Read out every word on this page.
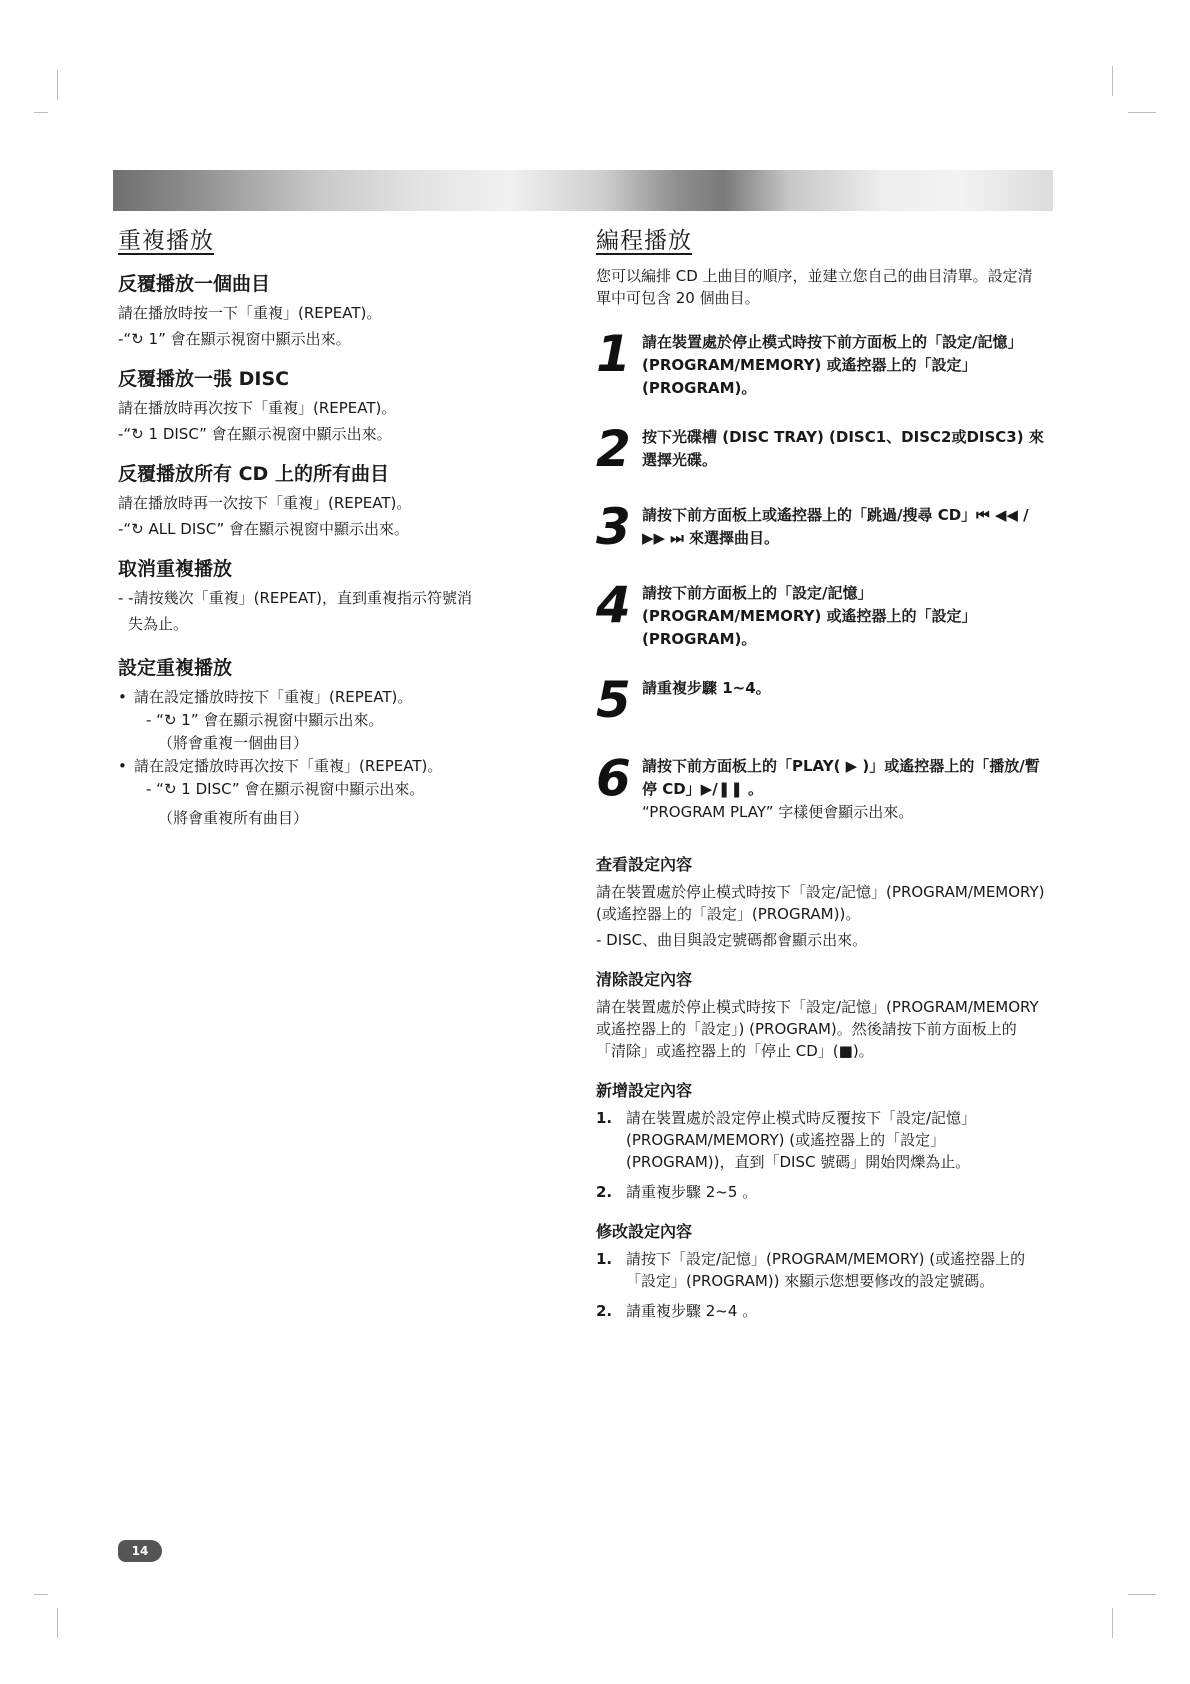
重複播放
反覆播放一個曲目

請在播放時按一下「重複」(REPEAT)。

-“↻ 1” 會在顯示視窗中顯示出來。

反覆播放一張 DISC

請在播放時再次按下「重複」(REPEAT)。

-“↻ 1 DISC” 會在顯示視窗中顯示出來。

反覆播放所有 CD 上的所有曲目

請在播放時再一次按下「重複」(REPEAT)。

-“↻ ALL DISC” 會在顯示視窗中顯示出來。

取消重複播放

- -請按幾次「重複」(REPEAT)，直到重複指示符號消

失為止。

設定重複播放
• 請在設定播放時按下「重複」(REPEAT)。
- “↻ 1” 會在顯示視窗中顯示出來。
（將會重複一個曲目）
• 請在設定播放時再次按下「重複」(REPEAT)。
- “↻ 1 DISC” 會在顯示視窗中顯示出來。
（將會重複所有曲目）
編程播放

您可以編排 CD 上曲目的順序，並建立您自己的曲目清單。設定清單中可包含 20 個曲目。

1 請在裝置處於停止模式時按下前方面板上的「設定/記憶」(PROGRAM/MEMORY) 或遙控器上的「設定」(PROGRAM)。
2 按下光碟槽 (DISC TRAY) (DISC1、DISC2或DISC3) 來選擇光碟。
3 請按下前方面板上或遙控器上的「跳過/搜尋 CD」⏮ ◀◀ /▶▶ ⏭ 來選擇曲目。
4 請按下前方面板上的「設定/記憶」(PROGRAM/MEMORY) 或遙控器上的「設定」(PROGRAM)。
5 請重複步驟 1~4。
6 請按下前方面板上的「PLAY( ▶ )」或遙控器上的「播放/暫停 CD」▶/❚❚ 。
“PROGRAM PLAY” 字樣便會顯示出來。
查看設定內容

請在裝置處於停止模式時按下「設定/記憶」(PROGRAM/MEMORY) (或遙控器上的「設定」(PROGRAM))。

- DISC、曲目與設定號碼都會顯示出來。

清除設定內容

請在裝置處於停止模式時按下「設定/記憶」(PROGRAM/MEMORY 或遙控器上的「設定」) (PROGRAM)。然後請按下前方面板上的「清除」或遙控器上的「停止 CD」(■)。

新增設定內容
1. 請在裝置處於設定停止模式時反覆按下「設定/記憶」(PROGRAM/MEMORY) (或遙控器上的「設定」(PROGRAM))，直到「DISC 號碼」開始閃爍為止。
2. 請重複步驟 2~5 。
修改設定內容
1. 請按下「設定/記憶」(PROGRAM/MEMORY) (或遙控器上的「設定」(PROGRAM)) 來顯示您想要修改的設定號碼。
2. 請重複步驟 2~4 。
14
